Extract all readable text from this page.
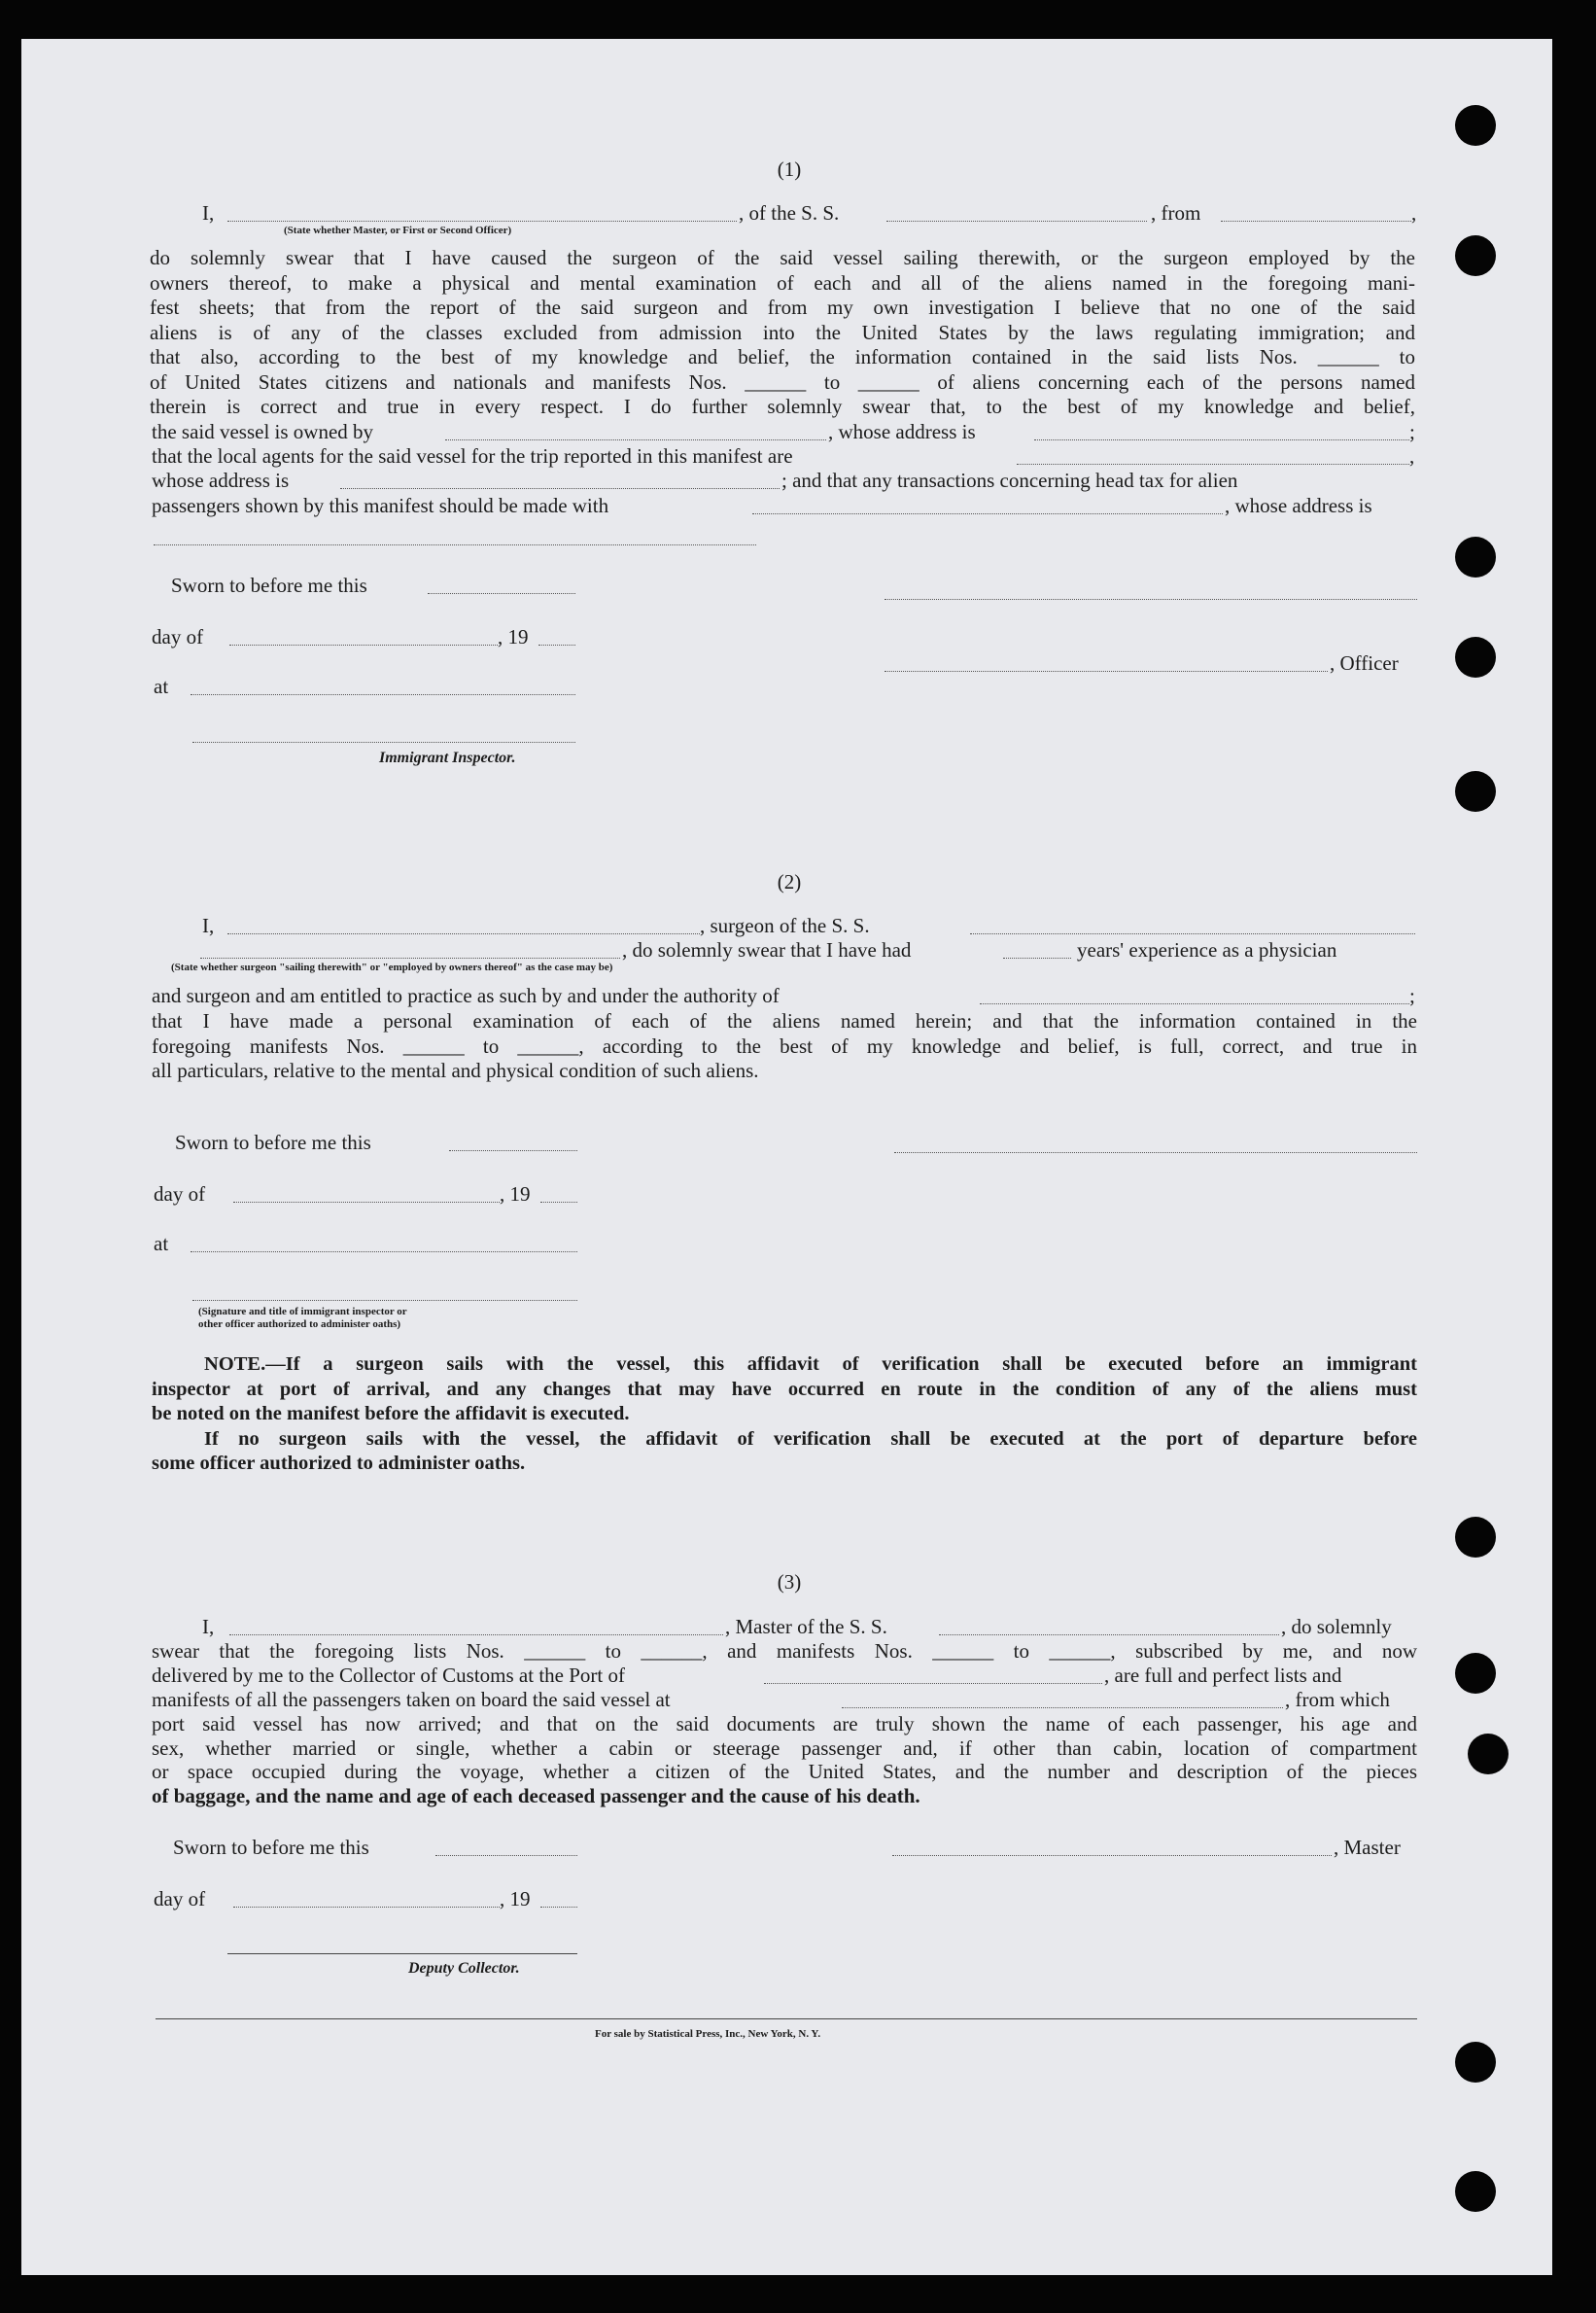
(1)
I,	, of the S. S.	, from	,
(State whether Master, or First or Second Officer)

do solemnly swear that I have caused the surgeon of the said vessel sailing therewith, or the surgeon employed by the

owners thereof, to make a physical and mental examination of each and all of the aliens named in the foregoing mani-

fest sheets; that from the report of the said surgeon and from my own investigation I believe that no one of the said

aliens is of any of the classes excluded from admission into the United States by the laws regulating immigration; and

that also, according to the best of my knowledge and belief, the information contained in the said lists Nos. ______ to

of United States citizens and nationals and manifests Nos. ______ to ______ of aliens concerning each of the persons named

therein is correct and true in every respect. I do further solemnly swear that, to the best of my knowledge and belief,

the said vessel is owned by	, whose address is	;
that the local agents for the said vessel for the trip reported in this manifest are	,
whose address is	; and that any transactions concerning head tax for alien
passengers shown by this manifest should be made with	, whose address is
Sworn to before me this
day of	, 19
, Officer
at
Immigrant Inspector.
(2)
I,	, surgeon of the S. S.
, do solemnly swear that I have had	years' experience as a physician
(State whether surgeon "sailing therewith" or "employed by owners thereof" as the case may be)
and surgeon and am entitled to practice as such by and under the authority of	;

that I have made a personal examination of each of the aliens named herein; and that the information contained in the

foregoing manifests Nos. ______ to ______, according to the best of my knowledge and belief, is full, correct, and true in

all particulars, relative to the mental and physical condition of such aliens.

Sworn to before me this
day of	, 19
at
(Signature and title of immigrant inspector or
other officer authorized to administer oaths)

NOTE.—If a surgeon sails with the vessel, this affidavit of verification shall be executed before an immigrant

inspector at port of arrival, and any changes that may have occurred en route in the condition of any of the aliens must

be noted on the manifest before the affidavit is executed.

If no surgeon sails with the vessel, the affidavit of verification shall be executed at the port of departure before

some officer authorized to administer oaths.

(3)
I,	, Master of the S. S.	, do solemnly

swear that the foregoing lists Nos. ______ to ______, and manifests Nos. ______ to ______, subscribed by me, and now

delivered by me to the Collector of Customs at the Port of	, are full and perfect lists and
manifests of all the passengers taken on board the said vessel at	, from which

port said vessel has now arrived; and that on the said documents are truly shown the name of each passenger, his age and

sex, whether married or single, whether a cabin or steerage passenger and, if other than cabin, location of compartment

or space occupied during the voyage, whether a citizen of the United States, and the number and description of the pieces

of baggage, and the name and age of each deceased passenger and the cause of his death.

Sworn to before me this	, Master
day of	, 19
Deputy Collector.
For sale by Statistical Press, Inc., New York, N. Y.
